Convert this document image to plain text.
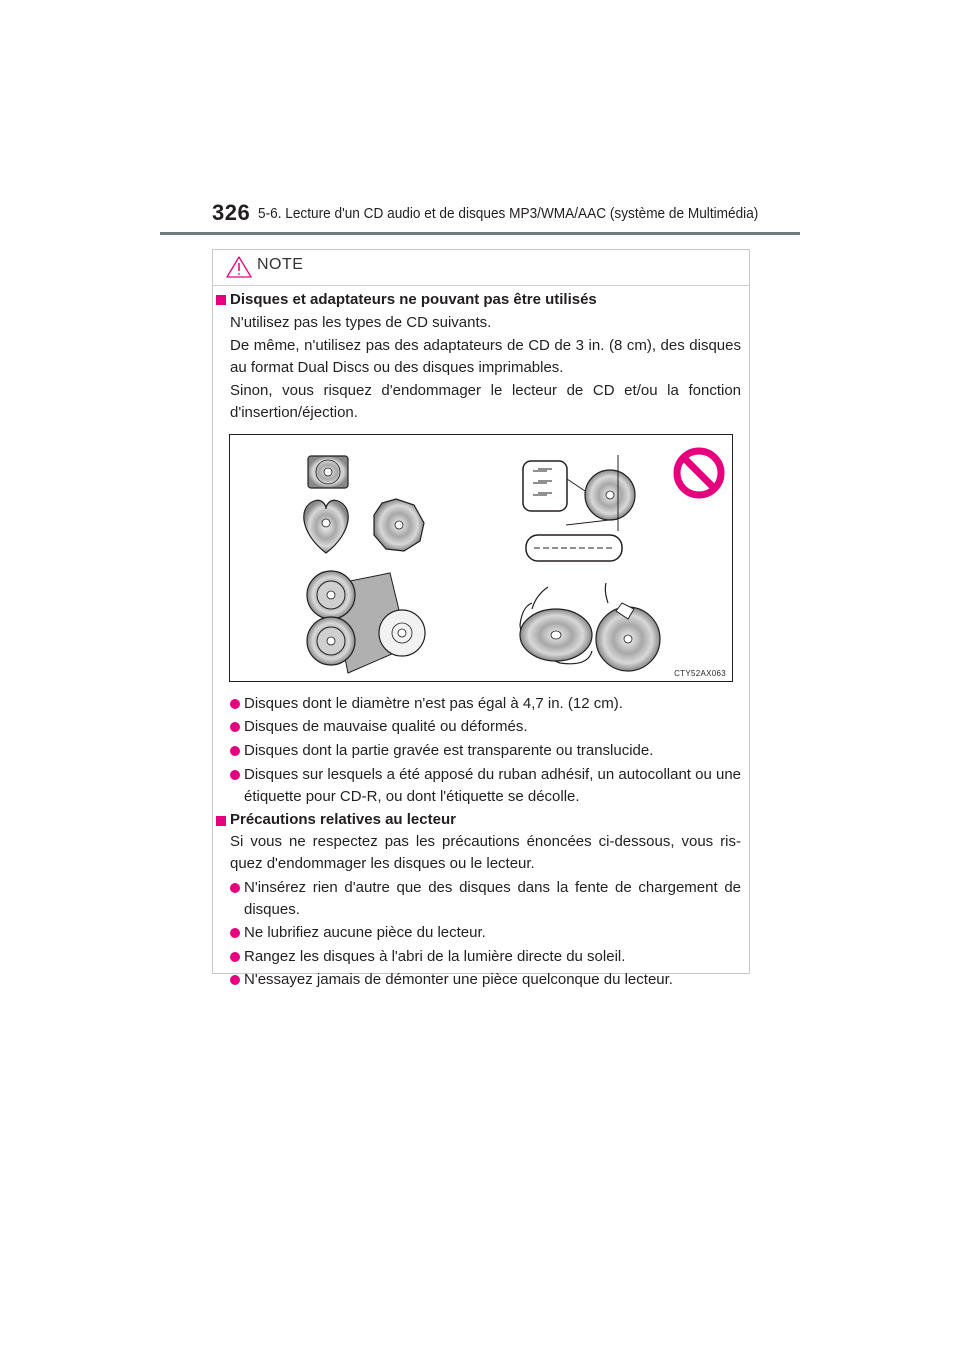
326 5-6. Lecture d'un CD audio et de disques MP3/WMA/AAC (système de Multimédia)
NOTE
Disques et adaptateurs ne pouvant pas être utilisés
N'utilisez pas les types de CD suivants.
De même, n'utilisez pas des adaptateurs de CD de 3 in. (8 cm), des disques au format Dual Discs ou des disques imprimables.
Sinon, vous risquez d'endommager le lecteur de CD et/ou la fonction d'insertion/éjection.
CTY52AX063
Disques dont le diamètre n'est pas égal à 4,7 in. (12 cm).
Disques de mauvaise qualité ou déformés.
Disques dont la partie gravée est transparente ou translucide.
Disques sur lesquels a été apposé du ruban adhésif, un autocollant ou une étiquette pour CD-R, ou dont l'étiquette se décolle.
Précautions relatives au lecteur
Si vous ne respectez pas les précautions énoncées ci-dessous, vous ris-quez d'endommager les disques ou le lecteur.
N'insérez rien d'autre que des disques dans la fente de chargement de disques.
Ne lubrifiez aucune pièce du lecteur.
Rangez les disques à l'abri de la lumière directe du soleil.
N'essayez jamais de démonter une pièce quelconque du lecteur.
